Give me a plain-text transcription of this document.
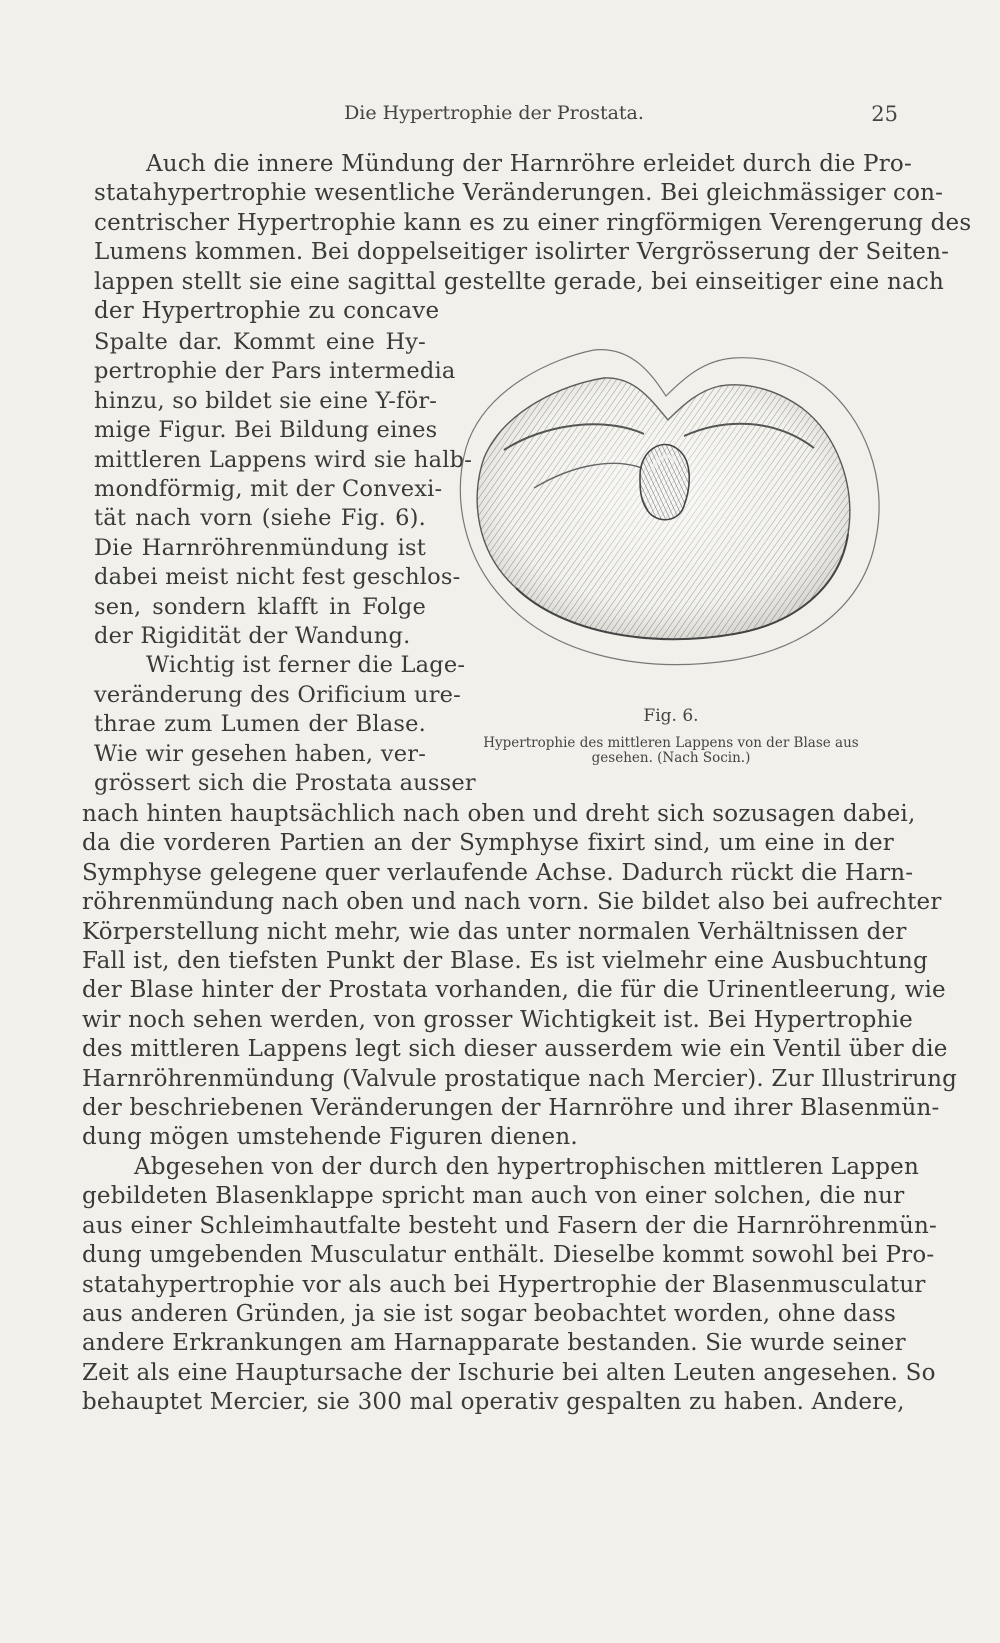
Die Hypertrophie der Prostata.	25

Auch die innere Mündung der Harnröhre erleidet durch die Pro-
statahypertrophie wesentliche Veränderungen. Bei gleichmässiger con-
centrischer Hypertrophie kann es zu einer ringförmigen Verengerung des
Lumens kommen. Bei doppelseitiger isolirter Vergrösserung der Seiten-
lappen stellt sie eine sagittal gestellte gerade, bei einseitiger eine nach
der Hypertrophie zu concave

Spalte dar. Kommt eine Hy-
pertrophie der Pars intermedia
hinzu, so bildet sie eine Y-för-
mige Figur. Bei Bildung eines
mittleren Lappens wird sie halb-
mondförmig, mit der Convexi-
tät nach vorn (siehe Fig. 6).
Die Harnröhrenmündung ist
dabei meist nicht fest geschlos-
sen, sondern klafft in Folge
der Rigidität der Wandung.
Wichtig ist ferner die Lage-
veränderung des Orificium ure-
thrae zum Lumen der Blase.
Wie wir gesehen haben, ver-
grössert sich die Prostata ausser

Fig. 6.
Hypertrophie des mittleren Lappens von der Blase aus
gesehen. (Nach Socin.)

nach hinten hauptsächlich nach oben und dreht sich sozusagen dabei,
da die vorderen Partien an der Symphyse fixirt sind, um eine in der
Symphyse gelegene quer verlaufende Achse. Dadurch rückt die Harn-
röhrenmündung nach oben und nach vorn. Sie bildet also bei aufrechter
Körperstellung nicht mehr, wie das unter normalen Verhältnissen der
Fall ist, den tiefsten Punkt der Blase. Es ist vielmehr eine Ausbuchtung
der Blase hinter der Prostata vorhanden, die für die Urinentleerung, wie
wir noch sehen werden, von grosser Wichtigkeit ist. Bei Hypertrophie
des mittleren Lappens legt sich dieser ausserdem wie ein Ventil über die
Harnröhrenmündung (Valvule prostatique nach Mercier). Zur Illustrirung
der beschriebenen Veränderungen der Harnröhre und ihrer Blasenmün-
dung mögen umstehende Figuren dienen.
Abgesehen von der durch den hypertrophischen mittleren Lappen
gebildeten Blasenklappe spricht man auch von einer solchen, die nur
aus einer Schleimhautfalte besteht und Fasern der die Harnröhrenmün-
dung umgebenden Musculatur enthält. Dieselbe kommt sowohl bei Pro-
statahypertrophie vor als auch bei Hypertrophie der Blasenmusculatur
aus anderen Gründen, ja sie ist sogar beobachtet worden, ohne dass
andere Erkrankungen am Harnapparate bestanden. Sie wurde seiner
Zeit als eine Hauptursache der Ischurie bei alten Leuten angesehen. So
behauptet Mercier, sie 300 mal operativ gespalten zu haben. Andere,
